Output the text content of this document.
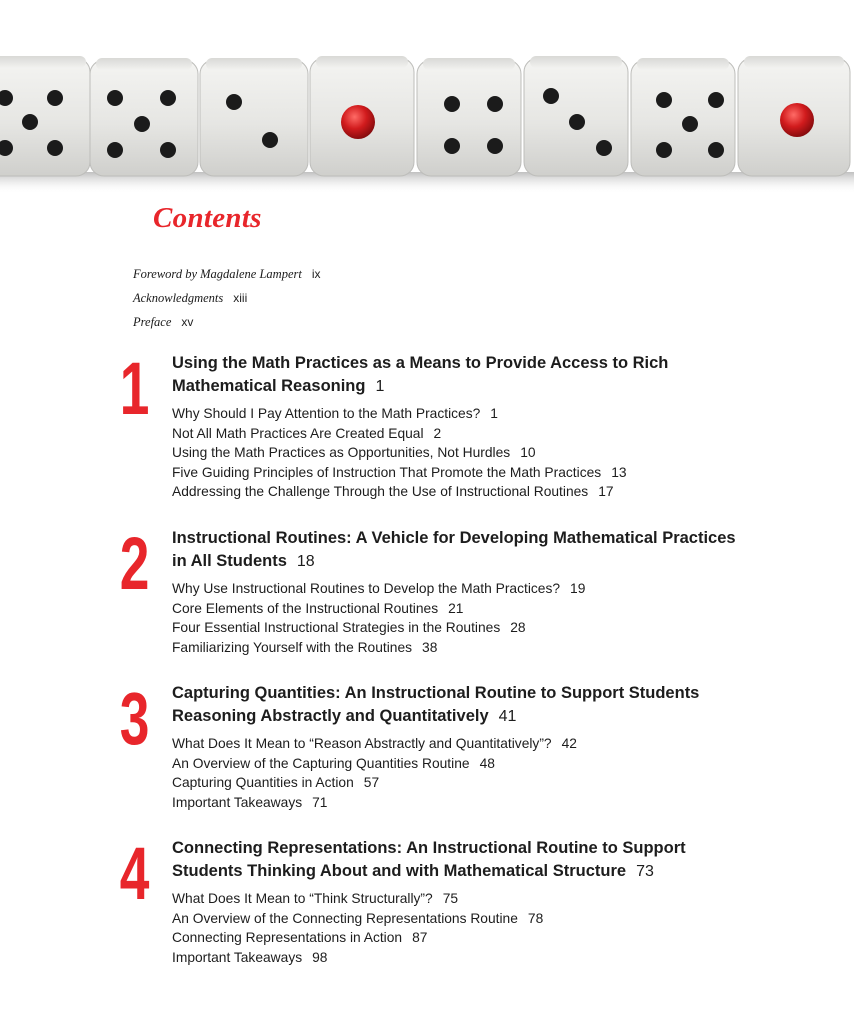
Contents
Foreword by Magdalene Lampert ix
Acknowledgments xiii
Preface xv
1 Using the Math Practices as a Means to Provide Access to Rich
Mathematical Reasoning 1
Why Should I Pay Attention to the Math Practices? 1
Not All Math Practices Are Created Equal 2
Using the Math Practices as Opportunities, Not Hurdles 10
Five Guiding Principles of Instruction That Promote the Math Practices 13
Addressing the Challenge Through the Use of Instructional Routines 17
2 Instructional Routines: A Vehicle for Developing Mathematical Practices
in All Students 18
Why Use Instructional Routines to Develop the Math Practices? 19
Core Elements of the Instructional Routines 21
Four Essential Instructional Strategies in the Routines 28
Familiarizing Yourself with the Routines 38
3 Capturing Quantities: An Instructional Routine to Support Students
Reasoning Abstractly and Quantitatively 41
What Does It Mean to “Reason Abstractly and Quantitatively”? 42
An Overview of the Capturing Quantities Routine 48
Capturing Quantities in Action 57
Important Takeaways 71
4 Connecting Representations: An Instructional Routine to Support
Students Thinking About and with Mathematical Structure 73
What Does It Mean to “Think Structurally”? 75
An Overview of the Connecting Representations Routine 78
Connecting Representations in Action 87
Important Takeaways 98
